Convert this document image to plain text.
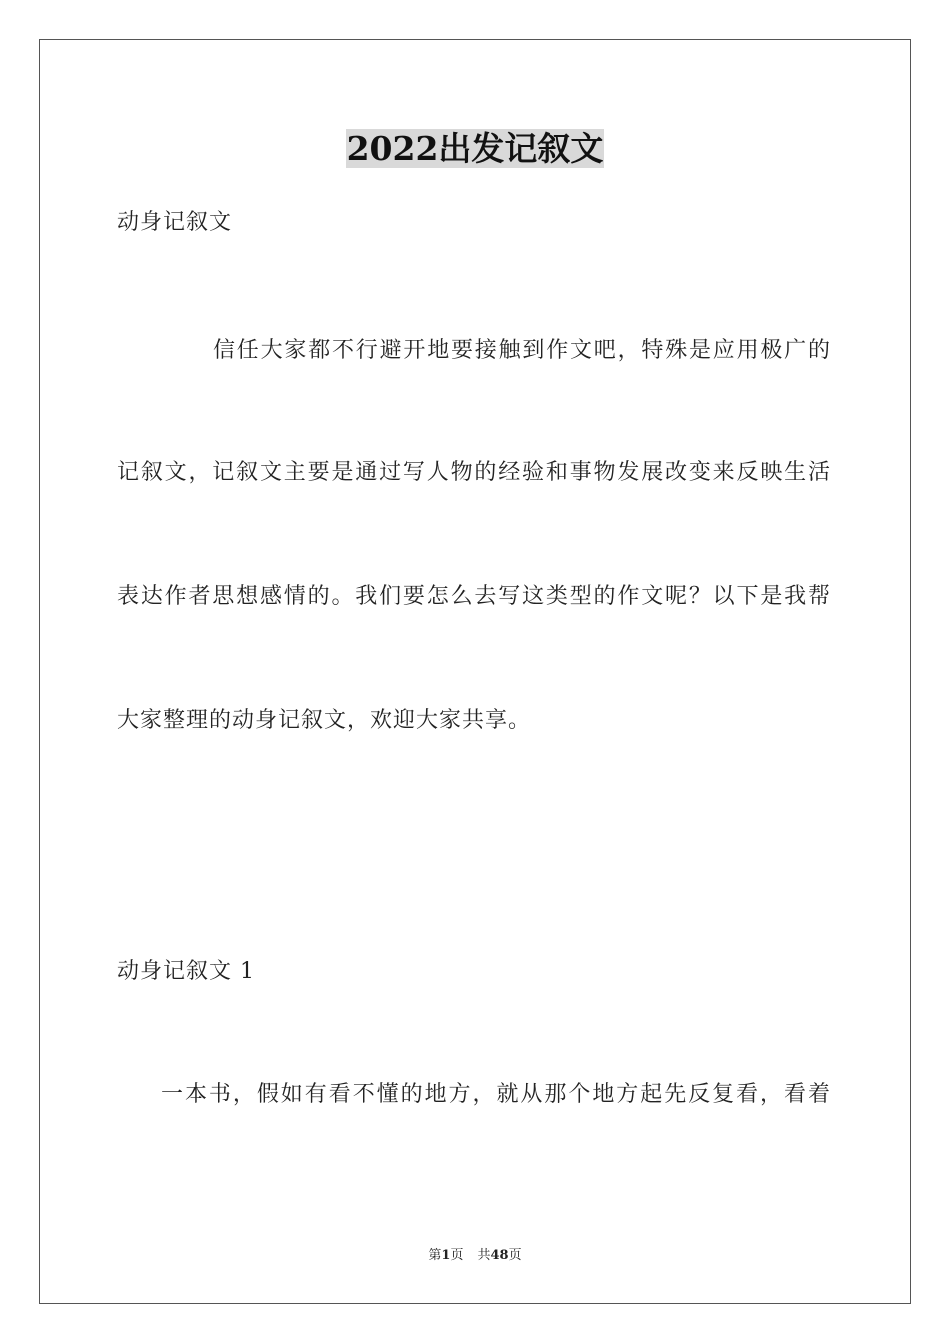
2022出发记叙文
动身记叙文
信任大家都不行避开地要接触到作文吧，特殊是应用极广的
记叙文，记叙文主要是通过写人物的经验和事物发展改变来反映生活
表达作者思想感情的。我们要怎么去写这类型的作文呢？以下是我帮
大家整理的动身记叙文，欢迎大家共享。
动身记叙文 1
一本书，假如有看不懂的地方，就从那个地方起先反复看，看着
第1页 共48页
